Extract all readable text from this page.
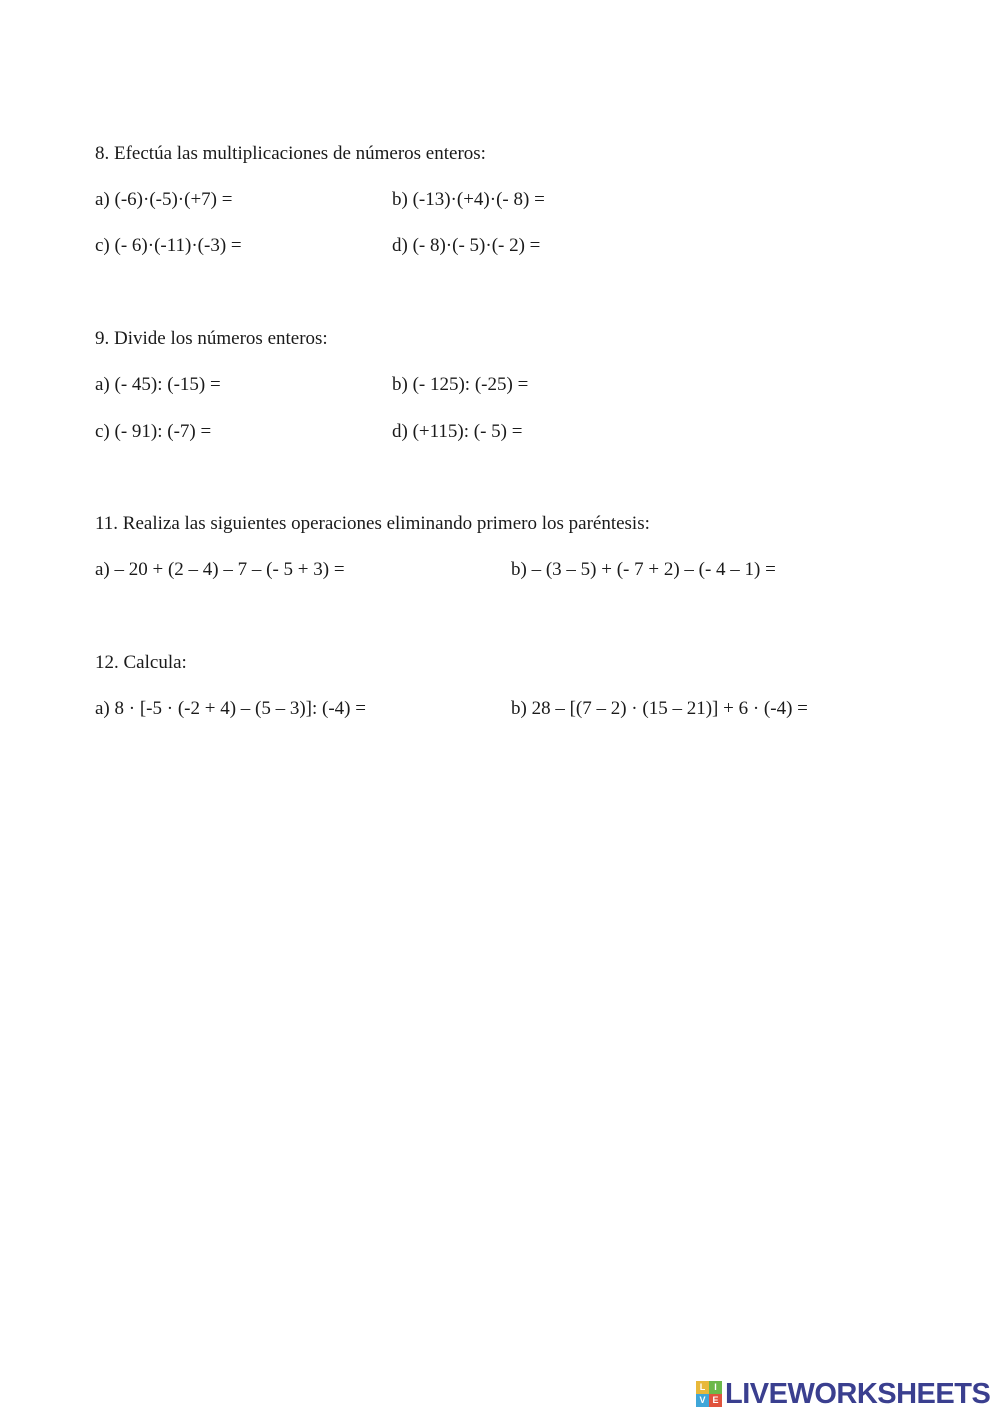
8. Efectúa las multiplicaciones de números enteros:
a) (-6)·(-5)·(+7) =	b) (-13)·(+4)·(- 8) =
c) (- 6)·(-11)·(-3) =	d) (- 8)·(- 5)·(- 2) =
9. Divide los números enteros:
a) (- 45): (-15) =	b) (- 125): (-25) =
c) (- 91): (-7) =	d) (+115): (- 5) =
11. Realiza las siguientes operaciones eliminando primero los paréntesis:
a) – 20 + (2 – 4) – 7 – (- 5 + 3) =	b) – (3 – 5) + (- 7 + 2) – (- 4 – 1) =
12. Calcula:
a) 8 · [-5 · (-2 + 4) – (5 – 3)]: (-4) =	b) 28 – [(7 – 2) · (15 – 21)] + 6 · (-4) =
L I
V E LIVEWORKSHEETS
